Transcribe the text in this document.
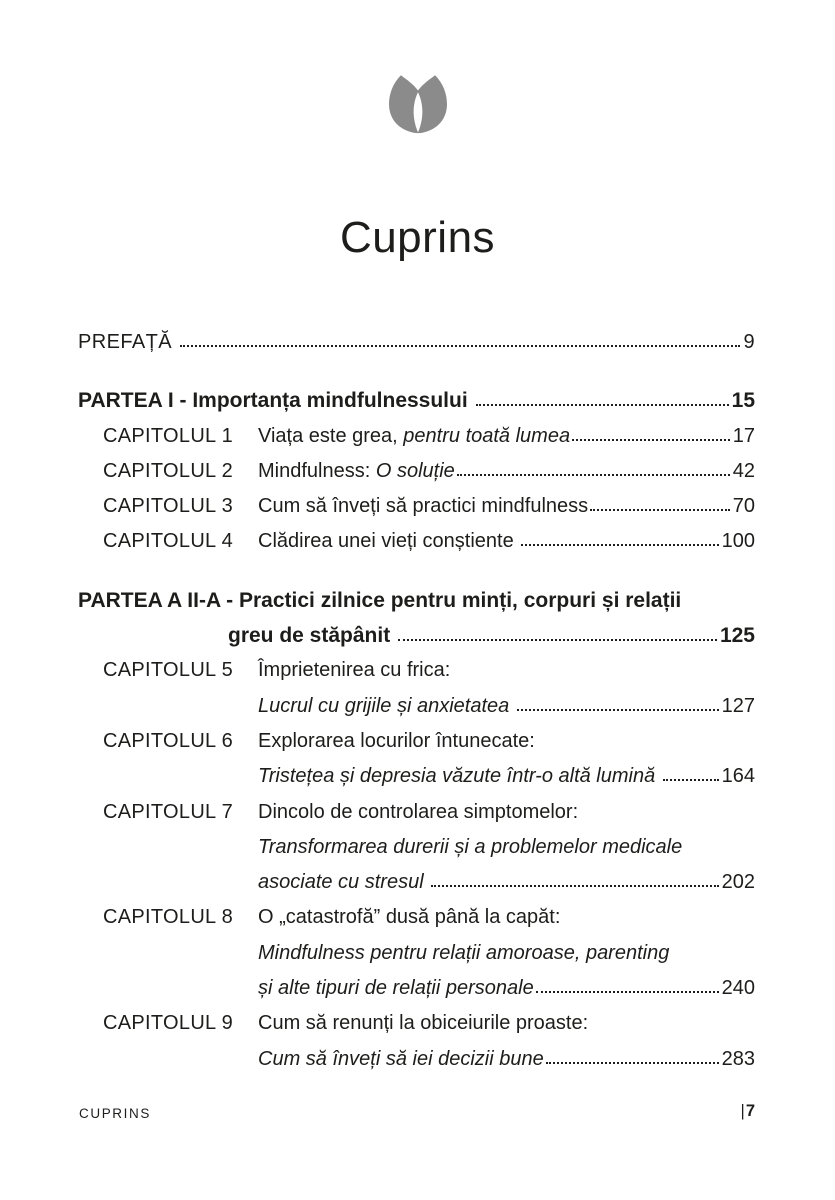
Cuprins
PREFAȚĂ	9
PARTEA I - Importanța mindfulnessului	15
CAPITOLUL 1	Viața este grea, pentru toată lumea	17
CAPITOLUL 2	Mindfulness: O soluție	42
CAPITOLUL 3	Cum să înveți să practici mindfulness	70
CAPITOLUL 4	Clădirea unei vieți conștiente	100
PARTEA A II-A - Practici zilnice pentru minți, corpuri și relații
greu de stăpânit	125
CAPITOLUL 5	Împrietenirea cu frica:
Lucrul cu grijile și anxietatea	127
CAPITOLUL 6	Explorarea locurilor întunecate:
Tristețea și depresia văzute într-o altă lumină	164
CAPITOLUL 7	Dincolo de controlarea simptomelor:
Transformarea durerii și a problemelor medicale
asociate cu stresul	202
CAPITOLUL 8	O „catastrofă” dusă până la capăt:
Mindfulness pentru relații amoroase, parenting
și alte tipuri de relații personale	240
CAPITOLUL 9	Cum să renunți la obiceiurile proaste:
Cum să înveți să iei decizii bune	283
CUPRINS	|7
